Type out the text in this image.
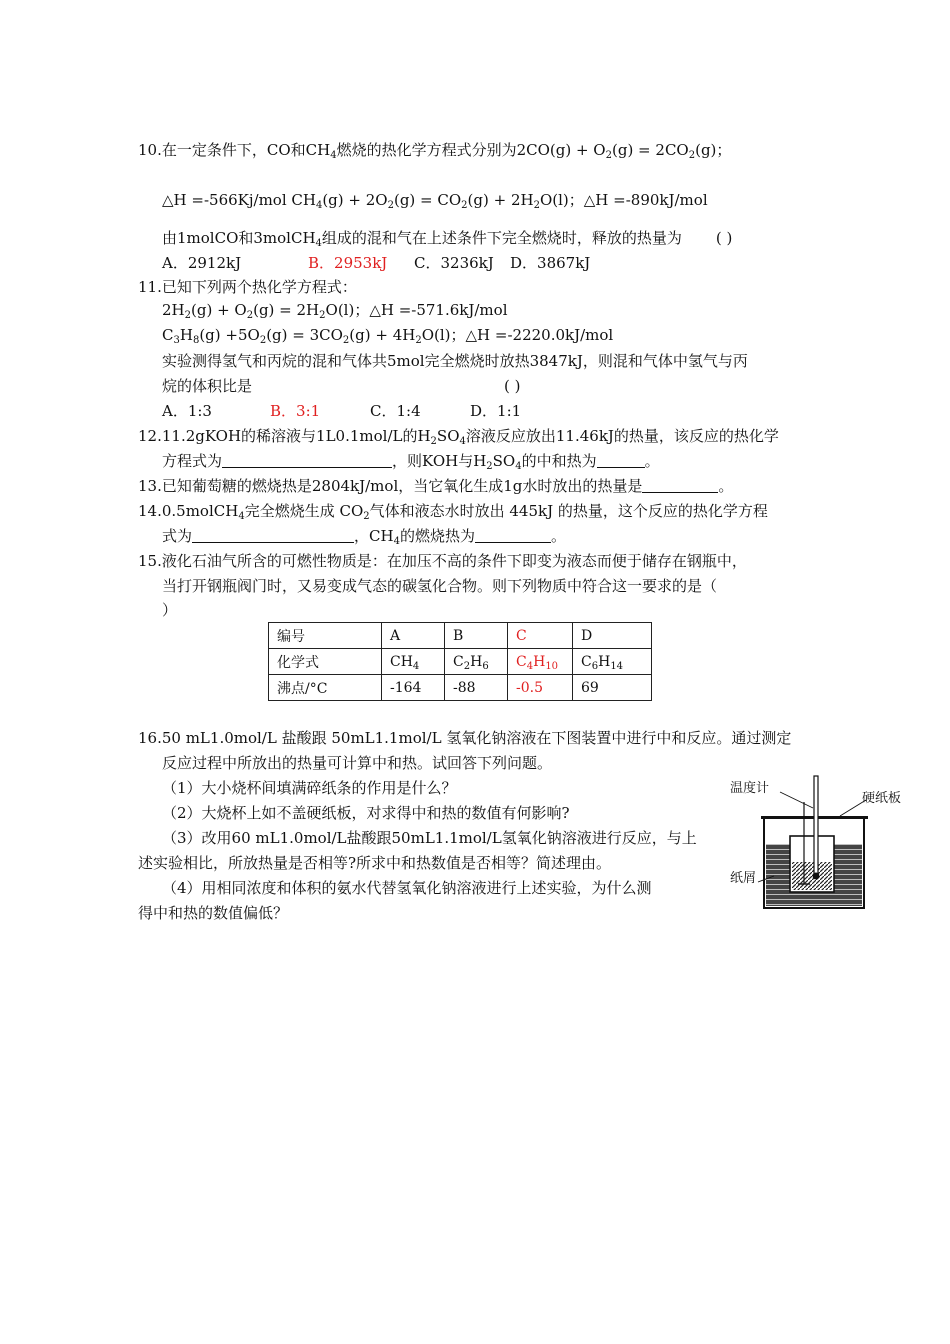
10.在一定条件下，CO和$CH_4$燃烧的热化学方程式分别为$2CO(g) + O_2(g) = 2CO_2(g)$；
△H =-566Kj/mol $CH_4(g) + 2O_2(g) = CO_2(g) + 2H_2O(l)$；△H =-890kJ/mol
由1molCO和3molCH$_4$组成的混和气在上述条件下完全燃烧时，释放的热量为 ( )
A．2912kJ	B．2953kJ C．3236kJ D．3867kJ
11.已知下列两个热化学方程式：
$2H_2(g) + O_2(g) = 2H_2O(l)$；△H =-571.6kJ/mol
$C_3H_8(g) +5O_2(g) = 3CO_2(g) + 4H_2O(l)$；△H =-2220.0kJ/mol
实验测得氢气和丙烷的混和气体共5mol完全燃烧时放热3847kJ，则混和气体中氢气与丙
烷的体积比是	( )
A．1:3	B．3:1	C．1:4	D．1:1
12.11.2gKOH的稀溶液与1L0.1mol/L的$H_2SO_4$溶液反应放出11.46kJ的热量，该反应的热化学
方程式为	，则KOH与$H_2SO_4$的中和热为	。
13.已知葡萄糖的燃烧热是2804kJ/mol，当它氧化生成1g水时放出的热量是	。
14.0.5molCH$_4$完全燃烧生成 $CO_2$气体和液态水时放出 445kJ 的热量，这个反应的热化学方程
式为	，$CH_4$的燃烧热为	。
15.液化石油气所含的可燃性物质是：在加压不高的条件下即变为液态而便于储存在钢瓶中，
当打开钢瓶阀门时，又易变成气态的碳氢化合物。则下列物质中符合这一要求的是（
）
编号	A	B	C	D
化学式	$CH_4$	$C_2H_6$	$C_4H_{10}$	$C_6H_{14}$
沸点/°C	-164	-88	-0.5	69
16.50 mL1.0mol/L 盐酸跟 50mL1.1mol/L 氢氧化钠溶液在下图装置中进行中和反应。通过测定
反应过程中所放出的热量可计算中和热。试回答下列问题。
（1）大小烧杯间填满碎纸条的作用是什么？
（2）大烧杯上如不盖硬纸板，对求得中和热的数值有何影响?
（3）改用60 mL1.0mol/L盐酸跟50mL1.1mol/L氢氧化钠溶液进行反应，与上
述实验相比，所放热量是否相等?所求中和热数值是否相等？简述理由。
（4）用相同浓度和体积的氨水代替氢氧化钠溶液进行上述实验，为什么测
得中和热的数值偏低？
温度计
硬纸板
纸屑
